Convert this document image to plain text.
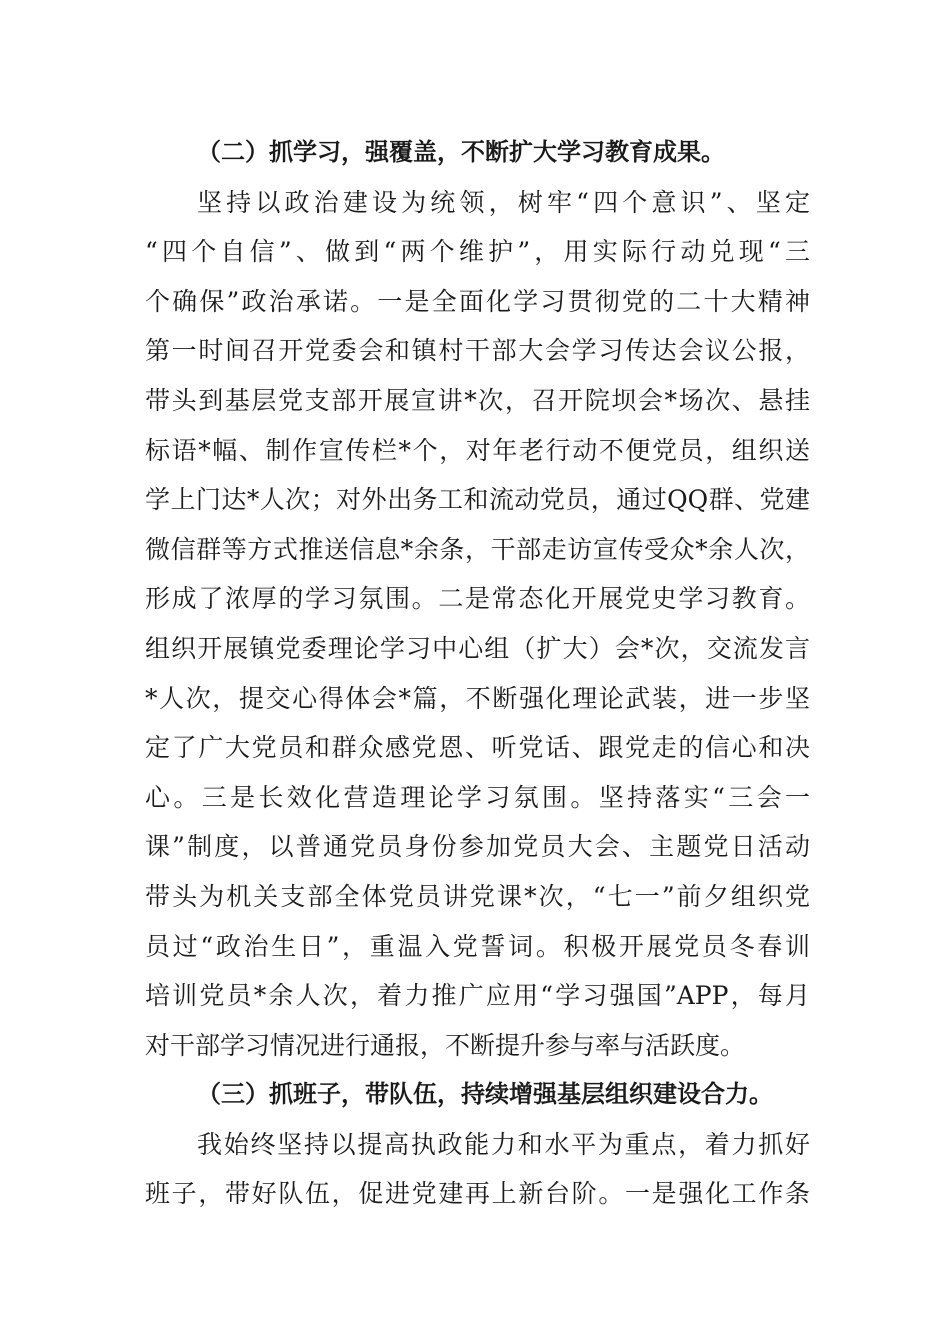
（二）抓学习，强覆盖，不断扩大学习教育成果。
坚持以政治建设为统领，树牢“四个意识”、坚定
“四个自信”、做到“两个维护”，用实际行动兑现“三
个确保”政治承诺。一是全面化学习贯彻党的二十大精神
第一时间召开党委会和镇村干部大会学习传达会议公报，
带头到基层党支部开展宣讲*次，召开院坝会*场次、悬挂
标语*幅、制作宣传栏*个，对年老行动不便党员，组织送
学上门达*人次；对外出务工和流动党员，通过QQ群、党建
微信群等方式推送信息*余条，干部走访宣传受众*余人次，
形成了浓厚的学习氛围。二是常态化开展党史学习教育。
组织开展镇党委理论学习中心组（扩大）会*次，交流发言
*人次，提交心得体会*篇，不断强化理论武装，进一步坚
定了广大党员和群众感党恩、听党话、跟党走的信心和决
心。三是长效化营造理论学习氛围。坚持落实“三会一
课”制度，以普通党员身份参加党员大会、主题党日活动
带头为机关支部全体党员讲党课*次，“七一”前夕组织党
员过“政治生日”，重温入党誓词。积极开展党员冬春训
培训党员*余人次，着力推广应用“学习强国”APP，每月
对干部学习情况进行通报，不断提升参与率与活跃度。
（三）抓班子，带队伍，持续增强基层组织建设合力。
我始终坚持以提高执政能力和水平为重点，着力抓好
班子，带好队伍，促进党建再上新台阶。一是强化工作条
